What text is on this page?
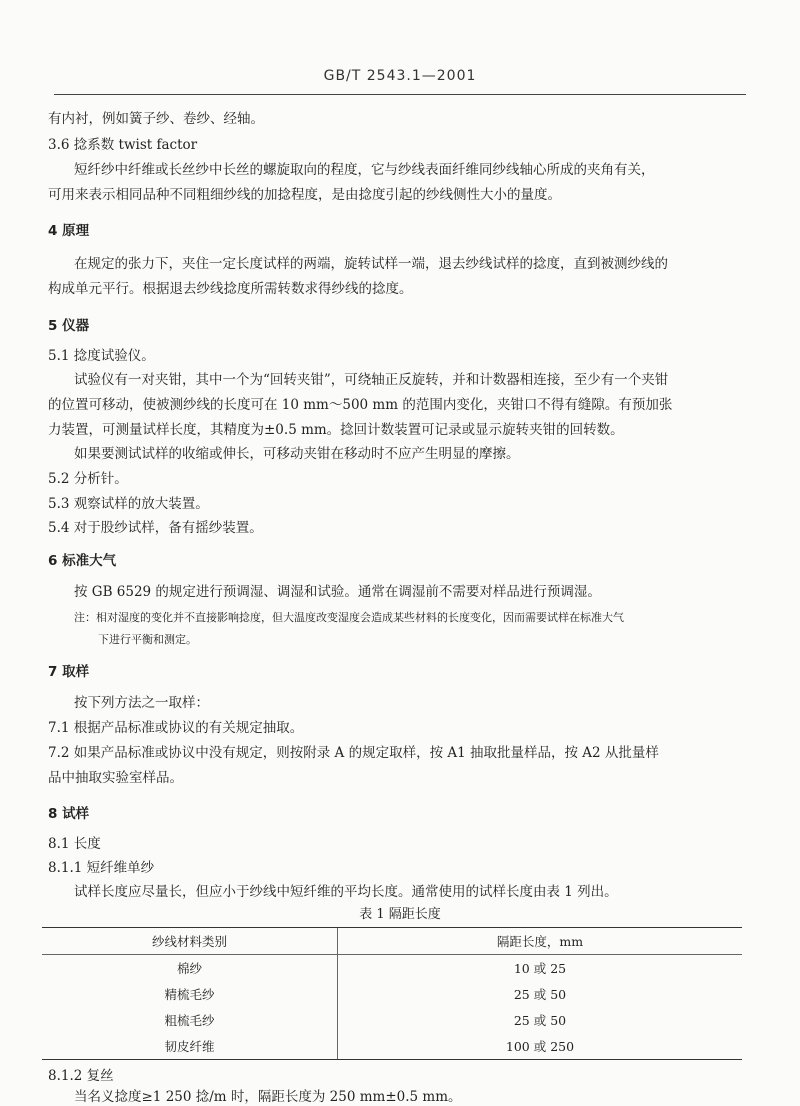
GB/T 2543.1—2001
有内衬，例如簧子纱、卷纱、经轴。
3.6 捻系数 twist factor
短纤纱中纤维或长丝纱中长丝的螺旋取向的程度，它与纱线表面纤维同纱线轴心所成的夹角有关，
可用来表示相同品种不同粗细纱线的加捻程度，是由捻度引起的纱线侧性大小的量度。
4 原理
在规定的张力下，夹住一定长度试样的两端，旋转试样一端，退去纱线试样的捻度，直到被测纱线的
构成单元平行。根据退去纱线捻度所需转数求得纱线的捻度。
5 仪器
5.1 捻度试验仪。
试验仪有一对夹钳，其中一个为“回转夹钳”，可绕轴正反旋转，并和计数器相连接，至少有一个夹钳
的位置可移动，使被测纱线的长度可在 10 mm～500 mm 的范围内变化，夹钳口不得有缝隙。有预加张
力装置，可测量试样长度，其精度为±0.5 mm。捻回计数装置可记录或显示旋转夹钳的回转数。
如果要测试试样的收缩或伸长，可移动夹钳在移动时不应产生明显的摩擦。
5.2 分析针。
5.3 观察试样的放大装置。
5.4 对于股纱试样，备有摇纱装置。
6 标准大气
按 GB 6529 的规定进行预调湿、调湿和试验。通常在调湿前不需要对样品进行预调湿。
注：相对湿度的变化并不直接影响捻度，但大温度改变湿度会造成某些材料的长度变化，因而需要试样在标准大气
下进行平衡和测定。
7 取样
按下列方法之一取样：
7.1 根据产品标准或协议的有关规定抽取。
7.2 如果产品标准或协议中没有规定，则按附录 A 的规定取样，按 A1 抽取批量样品，按 A2 从批量样
品中抽取实验室样品。
8 试样
8.1 长度
8.1.1 短纤维单纱
试样长度应尽量长，但应小于纱线中短纤维的平均长度。通常使用的试样长度由表 1 列出。
表 1 隔距长度
纱线材料类别	隔距长度，mm
棉纱	10 或 25
精梳毛纱	25 或 50
粗梳毛纱	25 或 50
韧皮纤维	100 或 250
8.1.2 复丝
当名义捻度≥1 250 捻/m 时，隔距长度为 250 mm±0.5 mm。
